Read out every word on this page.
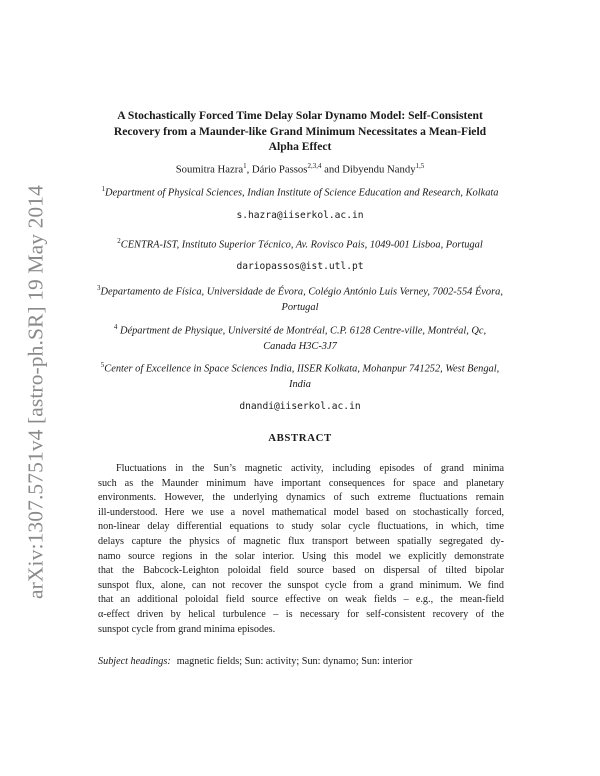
arXiv:1307.5751v4 [astro-ph.SR] 19 May 2014
A Stochastically Forced Time Delay Solar Dynamo Model: Self-Consistent
Recovery from a Maunder-like Grand Minimum Necessitates a Mean-Field
Alpha Effect
Soumitra Hazra$^1$, Dário Passos$^{2,3,4}$ and Dibyendu Nandy$^{1,5}$
$^1$Department of Physical Sciences, Indian Institute of Science Education and Research, Kolkata
s.hazra@iiserkol.ac.in
$^2$CENTRA-IST, Instituto Superior Técnico, Av. Rovisco Pais, 1049-001 Lisboa, Portugal
dariopassos@ist.utl.pt
$^3$Departamento de Física, Universidade de Évora, Colégio António Luis Verney, 7002-554 Évora,
Portugal
$^4$ Départment de Physique, Université de Montréal, C.P. 6128 Centre-ville, Montréal, Qc,
Canada H3C-3J7
$^5$Center of Excellence in Space Sciences India, IISER Kolkata, Mohanpur 741252, West Bengal,
India
dnandi@iiserkol.ac.in
ABSTRACT
Fluctuations in the Sun’s magnetic activity, including episodes of grand minima
such as the Maunder minimum have important consequences for space and planetary
environments. However, the underlying dynamics of such extreme fluctuations remain
ill-understood. Here we use a novel mathematical model based on stochastically forced,
non-linear delay differential equations to study solar cycle fluctuations, in which, time
delays capture the physics of magnetic flux transport between spatially segregated dy-
namo source regions in the solar interior. Using this model we explicitly demonstrate
that the Babcock-Leighton poloidal field source based on dispersal of tilted bipolar
sunspot flux, alone, can not recover the sunspot cycle from a grand minimum. We find
that an additional poloidal field source effective on weak fields – e.g., the mean-field
α-effect driven by helical turbulence – is necessary for self-consistent recovery of the
sunspot cycle from grand minima episodes.
Subject headings: magnetic fields; Sun: activity; Sun: dynamo; Sun: interior
